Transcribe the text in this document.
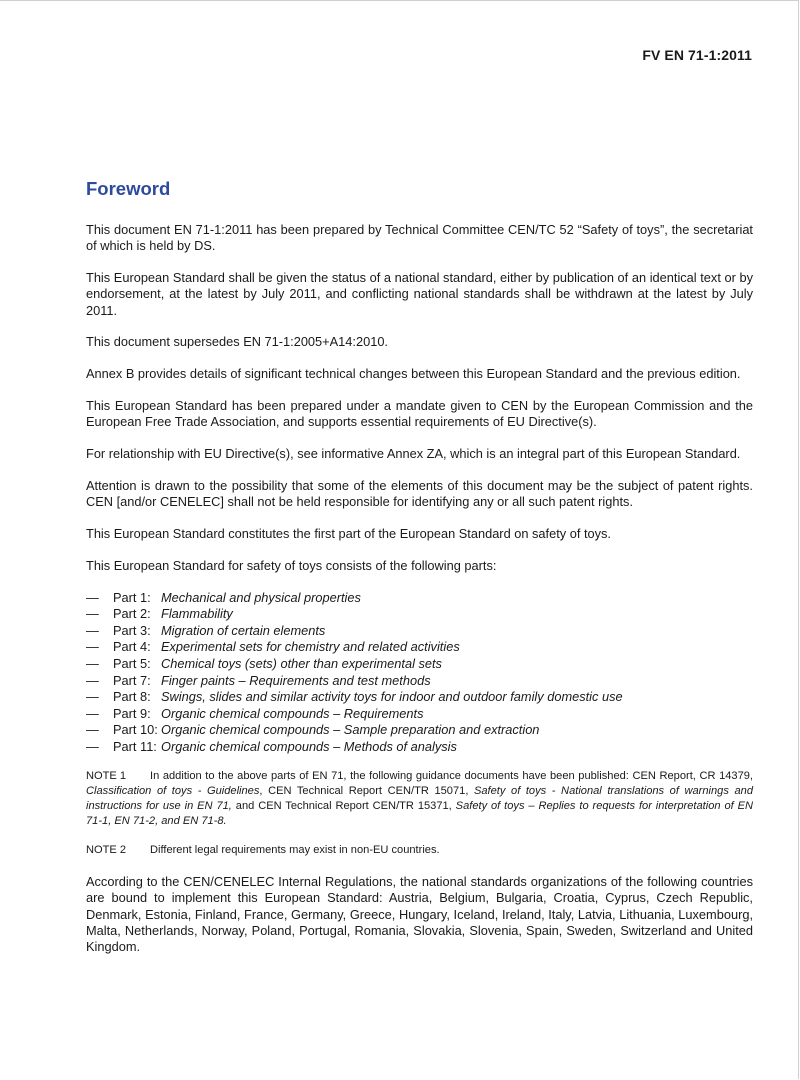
FV EN 71-1:2011
Foreword

This document EN 71-1:2011 has been prepared by Technical Committee CEN/TC 52 “Safety of toys”, the secretariat of which is held by DS.

This European Standard shall be given the status of a national standard, either by publication of an identical text or by endorsement, at the latest by July 2011, and conflicting national standards shall be withdrawn at the latest by July 2011.

This document supersedes EN 71-1:2005+A14:2010.

Annex B provides details of significant technical changes between this European Standard and the previous edition.

This European Standard has been prepared under a mandate given to CEN by the European Commission and the European Free Trade Association, and supports essential requirements of EU Directive(s).

For relationship with EU Directive(s), see informative Annex ZA, which is an integral part of this European Standard.

Attention is drawn to the possibility that some of the elements of this document may be the subject of patent rights. CEN [and/or CENELEC] shall not be held responsible for identifying any or all such patent rights.

This European Standard constitutes the first part of the European Standard on safety of toys.

This European Standard for safety of toys consists of the following parts:

—	Part 1: Mechanical and physical properties
—	Part 2: Flammability
—	Part 3: Migration of certain elements
—	Part 4: Experimental sets for chemistry and related activities
—	Part 5: Chemical toys (sets) other than experimental sets
—	Part 7: Finger paints – Requirements and test methods
—	Part 8: Swings, slides and similar activity toys for indoor and outdoor family domestic use
—	Part 9: Organic chemical compounds – Requirements
—	Part 10: Organic chemical compounds – Sample preparation and extraction
—	Part 11: Organic chemical compounds – Methods of analysis

NOTE 1 In addition to the above parts of EN 71, the following guidance documents have been published: CEN Report, CR 14379, Classification of toys - Guidelines, CEN Technical Report CEN/TR 15071, Safety of toys - National translations of warnings and instructions for use in EN 71, and CEN Technical Report CEN/TR 15371, Safety of toys – Replies to requests for interpretation of EN 71-1, EN 71-2, and EN 71-8.

NOTE 2 Different legal requirements may exist in non-EU countries.

According to the CEN/CENELEC Internal Regulations, the national standards organizations of the following countries are bound to implement this European Standard: Austria, Belgium, Bulgaria, Croatia, Cyprus, Czech Republic, Denmark, Estonia, Finland, France, Germany, Greece, Hungary, Iceland, Ireland, Italy, Latvia, Lithuania, Luxembourg, Malta, Netherlands, Norway, Poland, Portugal, Romania, Slovakia, Slovenia, Spain, Sweden, Switzerland and United Kingdom.
